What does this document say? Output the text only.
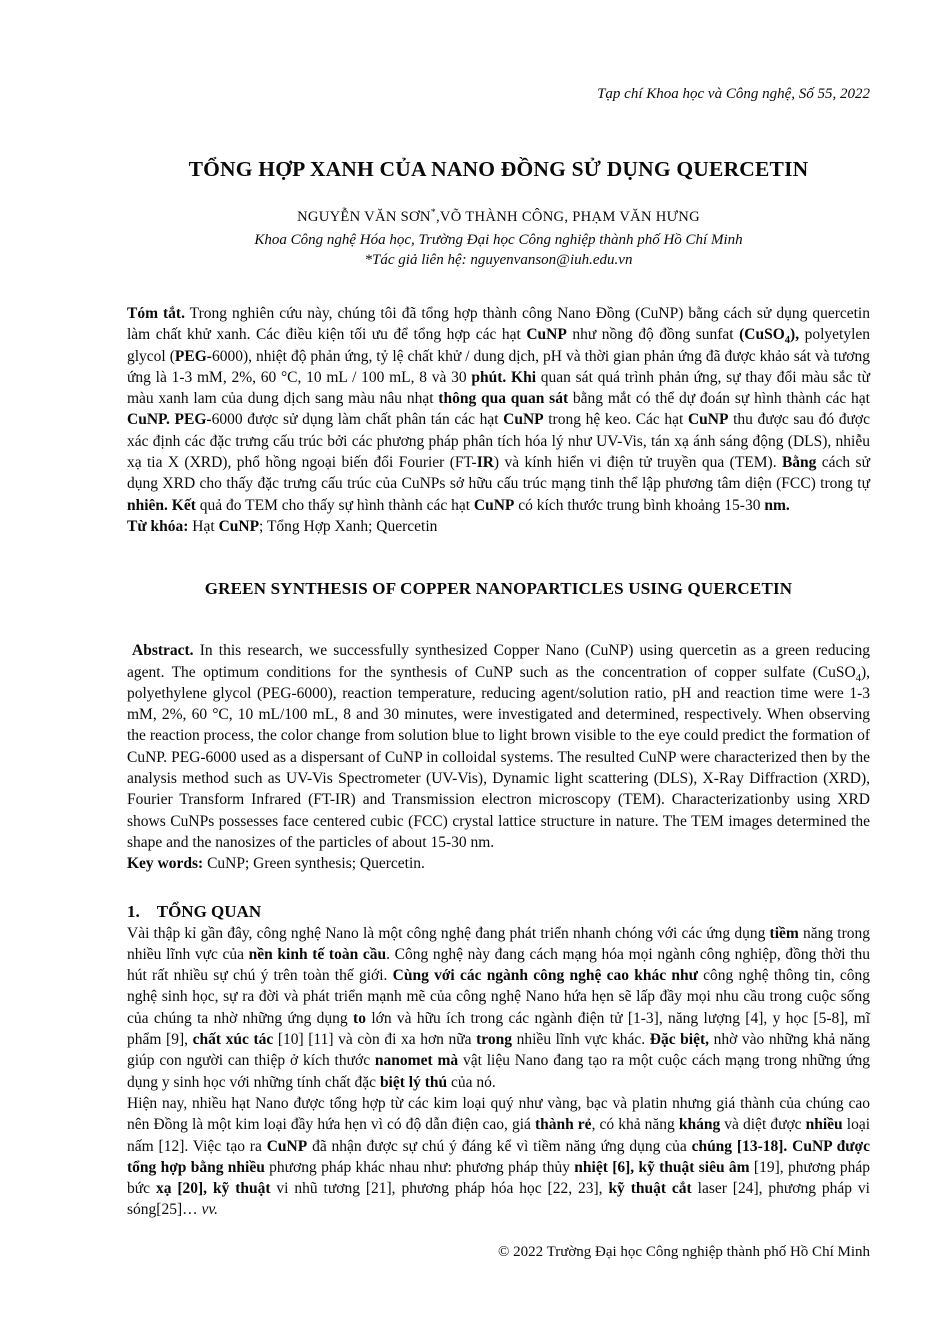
Tạp chí Khoa học và Công nghệ, Số 55, 2022
TỔNG HỢP XANH CỦA NANO ĐỒNG SỬ DỤNG QUERCETIN
NGUYỄN VĂN SƠN*,VÕ THÀNH CÔNG, PHẠM VĂN HƯNG
Khoa Công nghệ Hóa học, Trường Đại học Công nghiệp thành phố Hồ Chí Minh
*Tác giả liên hệ: nguyenvanson@iuh.edu.vn
Tóm tắt. Trong nghiên cứu này, chúng tôi đã tổng hợp thành công Nano Đồng (CuNP) bằng cách sử dụng quercetin làm chất khử xanh. Các điều kiện tối ưu để tổng hợp các hạt CuNP như nồng độ đồng sunfat (CuSO$_4$), polyetylen glycol (PEG-6000), nhiệt độ phản ứng, tỷ lệ chất khử / dung dịch, pH và thời gian phản ứng đã được khảo sát và tương ứng là 1-3 mM, 2%, 60 °C, 10 mL / 100 mL, 8 và 30 phút. Khi quan sát quá trình phản ứng, sự thay đổi màu sắc từ màu xanh lam của dung dịch sang màu nâu nhạt thông qua quan sát bằng mắt có thể dự đoán sự hình thành các hạt CuNP. PEG-6000 được sử dụng làm chất phân tán các hạt CuNP trong hệ keo. Các hạt CuNP thu được sau đó được xác định các đặc trưng cấu trúc bởi các phương pháp phân tích hóa lý như UV-Vis, tán xạ ánh sáng động (DLS), nhiễu xạ tia X (XRD), phổ hồng ngoại biến đổi Fourier (FT-IR) và kính hiển vi điện tử truyền qua (TEM). Bằng cách sử dụng XRD cho thấy đặc trưng cấu trúc của CuNPs sở hữu cấu trúc mạng tinh thể lập phương tâm diện (FCC) trong tự nhiên. Kết quả đo TEM cho thấy sự hình thành các hạt CuNP có kích thước trung bình khoảng 15-30 nm.
Từ khóa: Hạt CuNP; Tổng Hợp Xanh; Quercetin
GREEN SYNTHESIS OF COPPER NANOPARTICLES USING QUERCETIN
Abstract. In this research, we successfully synthesized Copper Nano (CuNP) using quercetin as a green reducing agent. The optimum conditions for the synthesis of CuNP such as the concentration of copper sulfate (CuSO$_4$), polyethylene glycol (PEG-6000), reaction temperature, reducing agent/solution ratio, pH and reaction time were 1-3 mM, 2%, 60 °C, 10 mL/100 mL, 8 and 30 minutes, were investigated and determined, respectively. When observing the reaction process, the color change from solution blue to light brown visible to the eye could predict the formation of CuNP. PEG-6000 used as a dispersant of CuNP in colloidal systems. The resulted CuNP were characterized then by the analysis method such as UV-Vis Spectrometer (UV-Vis), Dynamic light scattering (DLS), X-Ray Diffraction (XRD), Fourier Transform Infrared (FT-IR) and Transmission electron microscopy (TEM). Characterizationby using XRD shows CuNPs possesses face centered cubic (FCC) crystal lattice structure in nature. The TEM images determined the shape and the nanosizes of the particles of about 15-30 nm.
Key words: CuNP; Green synthesis; Quercetin.
1. TỔNG QUAN
Vài thập kỉ gần đây, công nghệ Nano là một công nghệ đang phát triển nhanh chóng với các ứng dụng tiềm năng trong nhiều lĩnh vực của nền kinh tế toàn cầu. Công nghệ này đang cách mạng hóa mọi ngành công nghiệp, đồng thời thu hút rất nhiều sự chú ý trên toàn thế giới. Cùng với các ngành công nghệ cao khác như công nghệ thông tin, công nghệ sinh học, sự ra đời và phát triển mạnh mẽ của công nghệ Nano hứa hẹn sẽ lấp đầy mọi nhu cầu trong cuộc sống của chúng ta nhờ những ứng dụng to lớn và hữu ích trong các ngành điện tử [1-3], năng lượng [4], y học [5-8], mĩ phẩm [9], chất xúc tác [10] [11] và còn đi xa hơn nữa trong nhiều lĩnh vực khác. Đặc biệt, nhờ vào những khả năng giúp con người can thiệp ở kích thước nanomet mà vật liệu Nano đang tạo ra một cuộc cách mạng trong những ứng dụng y sinh học với những tính chất đặc biệt lý thú của nó.
Hiện nay, nhiều hạt Nano được tổng hợp từ các kim loại quý như vàng, bạc và platin nhưng giá thành của chúng cao nên Đồng là một kim loại đầy hứa hẹn vì có độ dẫn điện cao, giá thành rẻ, có khả năng kháng và diệt được nhiều loại nấm [12]. Việc tạo ra CuNP đã nhận được sự chú ý đáng kể vì tiềm năng ứng dụng của chúng [13-18]. CuNP được tổng hợp bằng nhiều phương pháp khác nhau như: phương pháp thủy nhiệt [6], kỹ thuật siêu âm [19], phương pháp bức xạ [20], kỹ thuật vi nhũ tương [21], phương pháp hóa học [22, 23], kỹ thuật cắt laser [24], phương pháp vi sóng[25]… vv.
© 2022 Trường Đại học Công nghiệp thành phố Hồ Chí Minh
